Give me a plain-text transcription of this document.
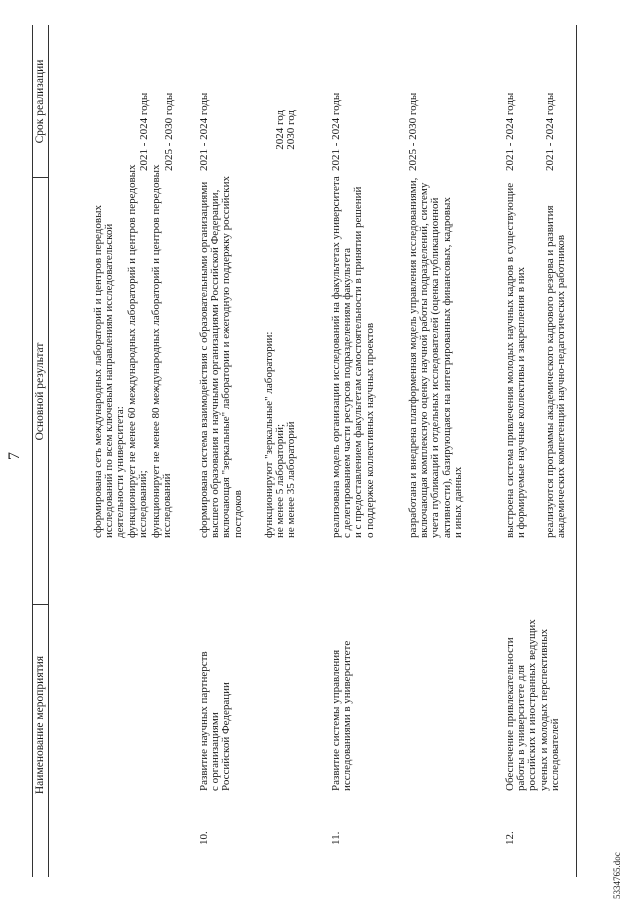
7
Наименование мероприятия
Основной результат
Срок реализации
сформирована сеть международных лабораторий и центров передовых исследований по всем ключевым направлениям исследовательской деятельности университета: функционирует не менее 60 международных лабораторий и центров передовых исследований;
2021 - 2024 годы
функционирует не менее 80 международных лабораторий и центров передовых исследований
2025 - 2030 годы
10.
Развитие научных партнерств с организациями Российской Федерации
сформирована система взаимодействия с образовательными организациями высшего образования и научными организациями Российской Федерации, включающая "зеркальные" лаборатории и ежегодную поддержку российских постдоков
2021 - 2024 годы
функционируют "зеркальные" лаборатории: не менее 5 лабораторий; не менее 35 лабораторий
2024 год 2030 год
11.
Развитие системы управления исследованиями в университете
реализована модель организации исследований на факультетах университета с делегированием части ресурсов подразделениям факультета и с предоставлением факультетам самостоятельности в принятии решений о поддержке коллективных научных проектов
2021 - 2024 годы
разработана и внедрена платформенная модель управления исследованиями, включающая комплексную оценку научной работы подразделений, систему учета публикаций и отдельных исследователей (оценка публикационной активности), базирующаяся на интегрированных финансовых, кадровых и иных данных
2025 - 2030 годы
12.
Обеспечение привлекательности работы в университете для российских и иностранных ведущих ученых и молодых перспективных исследователей
выстроена система привлечения молодых научных кадров в существующие и формируемые научные коллективы и закрепления в них
2021 - 2024 годы
реализуются программы академического кадрового резерва и развития академических компетенций научно-педагогических работников
2021 - 2024 годы
5334765.doc
